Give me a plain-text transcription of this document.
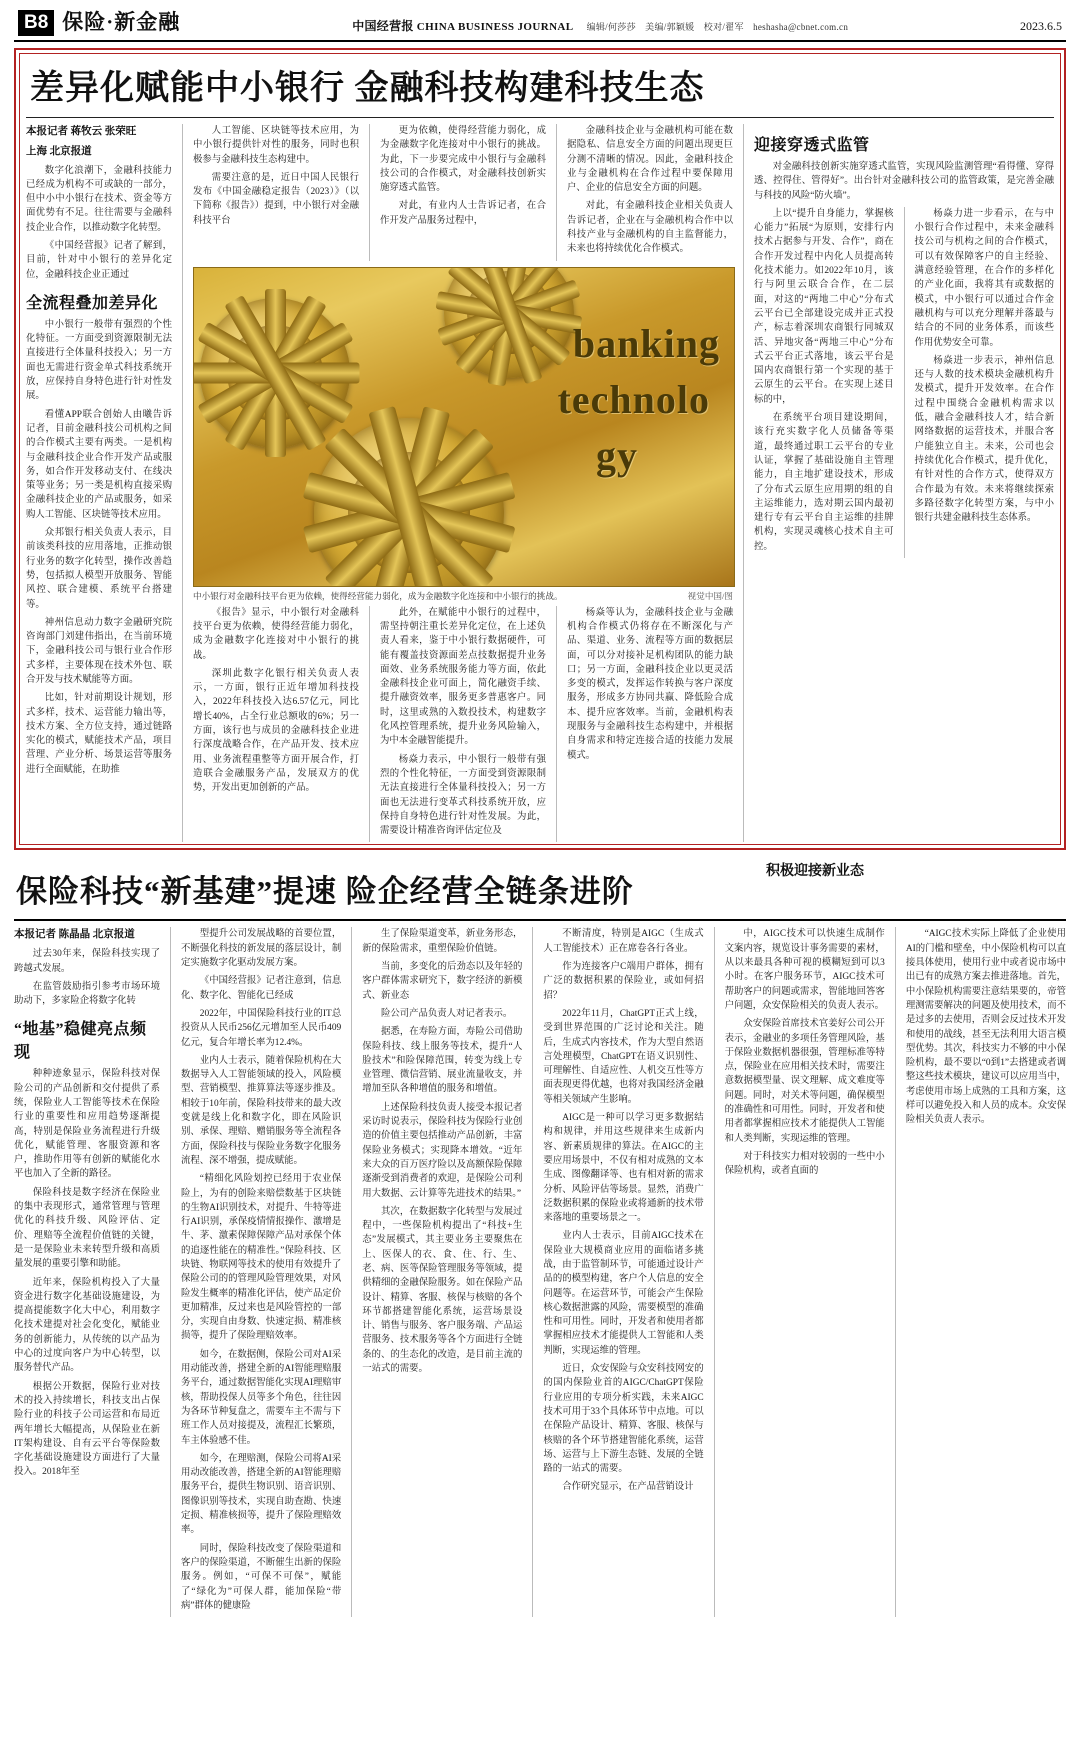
B8 保险·新金融	中国经营报 CHINA BUSINESS JOURNAL 编辑/何莎莎　美编/郭颖媛　校对/翟军　heshasha@cbnet.com.cn	2023.6.5
差异化赋能中小银行 金融科技构建科技生态
本报记者 蒋牧云 张荣旺
上海 北京报道

数字化浪潮下，金融科技能力已经成为机构不可或缺的一部分，但中小中小银行在技术、资金等方面优势有不足。往往需要与金融科技企业合作，以推动数字化转型。

《中国经营报》记者了解到，目前，针对中小银行的差异化定位，金融科技企业正通过

全流程叠加差异化

中小银行一般带有强烈的个性化特征。一方面受到资源限制无法直接进行全体量科技投入；另一方面也无需进行资金单式科技系统开放，应保持自身特色进行针对性发展。

看懂APP联合创始人由曦告诉记者，目前金融科技公司机构之间的合作模式主要有两类。一是机构与金融科技企业合作开发产品或服务，如合作开发移动支付、在线决策等业务；另一类是机构直接采购金融科技企业的产品或服务，如采购人工智能、区块链等技术应用。

众邦银行相关负责人表示，目前该类科技的应用落地，正推动银行业务的数字化转型，操作改善趋势，包括拟人模型开放服务、智能风控、联合建模、系统平台搭建等。

神州信息动力数字金融研究院咨询部门刘建伟指出，在当前环境下，金融科技公司与银行业合作形式多样，主要体现在技术外包、联合开发与技术赋能等方面。

比如，针对前期设计规划，形式多样，技术、运营能力输出等，技术方案、全方位支持，通过链路实化的模式，赋能技术产品，项目营理、产业分析、场景运营等服务进行全面赋能，在助推

人工智能、区块链等技术应用，为中小银行提供针对性的服务，同时也积极参与金融科技生态构建中。

需要注意的是，近日中国人民银行发布《中国金融稳定报告（2023）》（以下简称《报告》）提到，中小银行对金融科技平台

更为依赖，使得经营能力弱化，成为金融数字化连接对中小银行的挑战。为此，下一步要完成中小银行与金融科技公司的合作模式，对金融科技创新实施穿透式监管。

对此，有业内人士告诉记者，在合作开发产品服务过程中，

金融科技企业与金融机构可能在数据隐私、信息安全方面的问题出现更巨分测不清晰的情况。因此，金融科技企业与金融机构在合作过程中要保障用户、企业的信息安全方面的问题。

对此，有金融科技企业相关负责人告诉记者，企业在与金融机构合作中以科技产业与金融机构的自主监督能力，未来也将持续优化合作模式。

banking
technolo
gy
中小银行对金融科技平台更为依赖，使得经营能力弱化，成为金融数字化连接和中小银行的挑战。	视觉中国/图

《报告》显示，中小银行对金融科技平台更为依赖，使得经营能力弱化，成为金融数字化连接对中小银行的挑战。

深圳此数字化银行相关负责人表示，一方面，银行正近年增加科技投入，2022年科技投入达6.57亿元，同比增长40%，占全行业总额收的6%；另一方面，该行也与成员的金融科技企业进行深度战略合作，在产品开发、技术应用、业务流程重整等方面开展合作，打造联合金融服务产品，发展双方的优势，开发出更加创新的产品。

此外，在赋能中小银行的过程中，需坚持朝注重长差异化定位，在上述负责人看来，鉴于中小银行数据硬件，可能有覆盖技资源面差点技数据提升业务面效、业务系统服务能力等方面，依此金融科技企业可面上，简化融资手续、提升融资效率，服务更多普惠客户。同时，这里或熟的入数投技术，构建数字化风控管理系统，提升业务风险输入，为中本金融智能提升。

杨焱力表示，中小银行一般带有强烈的个性化特征，一方面受到资源限制无法直接进行全体量科技投入；另一方面也无法进行变革式科技系统开放，应保持自身特色进行针对性发展。为此，需要设计精准咨询评估定位及

杨焱等认为，金融科技企业与金融机构合作模式仍将存在不断深化与产品、渠道、业务、流程等方面的数据层面，可以分对接补足机构团队的能力缺口；另一方面，金融科技企业以更灵活多变的模式，发挥运作转换与客户深度服务，形成多方协同共赢、降低险合成本、提升应客效率。当前，金融机构表现服务与金融科技生态构建中，并根据自身需求和特定连接合适的技能力发展模式。

迎接穿透式监管

对金融科技创新实施穿透式监管，实现风险监测管理“看得懂、穿得透、控得住、管得好”。出台针对金融科技公司的监管政策，是完善金融与科技的风险“防火墙”。

上以“提升自身能力，掌握核心能力”拓展“为原则，安排行内技术占据参与开发、合作”，商在合作开发过程中内化人员提高转化技术能力。如2022年10月，该行与阿里云联合合作，在二层面，对这的“两地二中心”分布式云平台已全部建设完成并正式投产，标志着深圳农商银行同城双活、异地灾备“两地三中心”分布式云平台正式落地，该云平台是国内农商银行第一个实现的基于云原生的云平台。在实现上述目标的中，

在系统平台项目建设期间，该行充实数字化人员储备等渠道，最终通过职工云平台的专业认证，掌握了基础设施自主管理能力，自主地扩建设技术，形成了分布式云原生应用期的组的自主运维能力，选对期云国内最初建行专有云平台自主运维的挂牌机构，实现灵魂核心技术自主可控。

杨焱力进一步看示，在与中小银行合作过程中，未来金融科技公司与机构之间的合作模式，可以有效保障客户的自主经验、满意经验管理，在合作的多样化的产业化面，我将其有或数据的模式，中小银行可以通过合作金融机构与可以充分理解并落最与结合的不同的业务体系，而该些作用优势安全可靠。

杨焱进一步表示，神州信息还与人数的技术模块金融机构升发模式，提升开发效率。在合作过程中围绕合金融机构需求以低，融合金融科技人才，结合新网络数据的运营技术，并服合客户能独立自主。未来，公司也会持续优化合作模式，提升优化，有针对性的合作方式，使得双方合作最为有效。未来将继续探索多路径数字化转型方案，与中小银行共建金融科技生态体系。

保险科技“新基建”提速 险企经营全链条进阶
积极迎接新业态
本报记者 陈晶晶 北京报道

过去30年来，保险科技实现了跨越式发展。

在监管鼓励指引参考市场环境助动下，多家险企将数字化转

“地基”稳健亮点频现

种种迹象显示，保险科技对保险公司的产品创新和交付提供了系统，保险业人工智能等技术在保险行业的重要性和应用趋势逐渐提高，特别是保险业务流程进行升级优化，赋能管理、客服资源和客户，推助作用等有创新的赋能化水平也加入了全新的路径。

保险科技是数字经济在保险业的集中表现形式，通常管理与管理优化的科技升级、风险评估、定价、理赔等全流程价值链的关键，是一是保险业未来转型升级和高质量发展的重要引擎和助能。

近年来，保险机构投入了大量资金进行数字化基础设施建设，为提高提能数字化大中心，利用数字化技术建提对社会化变化，赋能业务的创新能力，从传统的以产品为中心的过度向客户为中心转型，以服务替代产品。

根据公开数据，保险行业对技术的投入持续增长，科技支出占保险行业的科技子公司运营和布局近两年增长大幅提高，从保险业在新IT架构建设、自有云平台等保险数字化基础设施建设方面进行了大量投入。2018年至

型提升公司发展战略的首要位置，不断强化科技的新发展的落层设计，制定实施数字化驱动发展方案。

《中国经营报》记者注意到，信息化、数字化、智能化已经成

2022年，中国保险科技行业的IT总投资从人民币256亿元增加至人民币409亿元，复合年增长率为12.4%。

业内人士表示，随着保险机构在大数据导入人工智能领域的投入，风险模型、营销模型、推算算法等逐步推及。相较于10年前，保险科技带来的最大改变就是线上化和数字化，即在风险识别、承保、理赔、赠销服务等全流程各方面，保险科技与保险业务数字化服务流程、深不增强，提成赋能。

“精细化风险划控已经用于农业保险上，为有的创险来赔偿数基于区块链的生物AI识别技术，对提升、牛特等进行AI识别，承保疫情情报操作、激增是牛、茅、激素保障保障产品对承保个体的追逐性能在的精准性。”保险科技、区块链、物联网等技术的使用有效提升了保险公司的的管理风险管理效果，对风险发生概率的精准化评估，使产品定价更加精准，反过来也是风险管控的一部分，实现自由身数、快速定损、精准核损等，提升了保险理赔效率。

如今，在数据侧，保险公司对AI采用动能改善，搭建全新的AI智能理赔服务平台，通过数据智能化实现AI理赔审核，帮助投保人员等多个角色，往往因为各环节种复盘之，需要车主不需与下班工作人员对接提及，流程汇长繁琐，车主体验感不佳。

如今，在理赔测，保险公司将AI采用动改能改善，搭建全新的AI智能理赔服务平台，提供生物识别、语音识别、图像识别等技术，实现自助查勘、快速定损、精准核损等，提升了保险理赔效率。

同时，保险科技改变了保险渠道和客户的保险渠道，不断催生出新的保险服务。例如，“可保不可保”，赋能了“绿化为”可保人群，能加保险“带病”群体的健康险

生了保险渠道变革，新业务形态，新的保险需求，重塑保险价值链。

当前，多变化的后劲态以及年轻的客户群体需求研究下，数字经济的新模式、新业态

险公司产品负责人对记者表示。

据悉，在寿险方面，寿险公司借助保险科技、线上服务等技术，提升“人脸技术”和险保障范围，转变为线上专业管理、微信营销、展业流量收支，并增加至队各种增值的服务和增值。

上述保险科技负责人接受本报记者采访时说表示，保险科技为保险行业创造的价值主要包括推动产品创新，丰富保险业务模式；实现降本增效。“近年来大众的百万医疗险以及高额保险保障逐渐受到消费者的欢迎，是保险公司利用大数据、云计算等先进技术的结果。”

其次，在数据数字化转型与发展过程中，一些保险机构提出了“科技+生态”发展模式，其主要业务主要聚焦在上、医保人的衣、食、住、行、生、老、病、医等保险管理服务等领域，提供精细的金融保险服务。如在保险产品设计、精算、客服、核保与核赔的各个环节都搭建智能化系统，运营场景设计、销售与服务、客户服务端、产品运营服务、技术服务等各个方面进行全链条的、的生态化的改造，是目前主流的一站式的需要。

不断清度，特别是AIGC（生成式人工智能技术）正在席卷各行各业。

作为连接客户C端用户群体，拥有广泛的数据积累的保险业，或如何招招？

2022年11月，ChatGPT正式上线，受到世界范围的广泛讨论和关注。随后，生成式内容技术，作为大型自然语言处理模型，ChatGPT在语义识别性、可理解性、自适应性、人机交互性等方面表现更得优越，也将对我国经济金融等相关领域产生影响。

AIGC是一种可以学习更多数据结构和规律，并用这些规律来生成新内容、新素质规律的算法。在AIGC的主要应用场景中，不仅有相对成熟的文本生成、图像翻译等、也有相对新的需求分析、风险评估等场景。显然，消费广泛数据积累的保险业或将通新的技术带来落地的重要场景之一。

业内人士表示，目前AIGC技术在保险业大规模商业应用的面临诸多挑战，由于监管制环节，可能通过设计产品的的模型构建，客户个人信息的安全问题等。在运营环节，可能会产生保险核心数据泄露的风险，需要模型的准确性和可用性。同时，开发者和使用者都掌握相应技术才能提供人工智能和人类判断，实现运维的管理。

近日，众安保险与众安科技网安的的国内保险业首的AIGC/ChatGPT保险行业应用的专项分析实践，未来AIGC技术可用于33个具体环节中点地。可以在保险产品设计、精算、客服、核保与核赔的各个环节搭建智能化系统，运营场、运营与上下游生态链、发展的全链路的一站式的需要。

合作研究显示，在产品营销设计

中，AIGC技术可以快速生成制作文案内容，规览设计事务需要的素材，从以来最具各种可视的模糊短到可以3小时。在客户服务环节，AIGC技术可帮助客户的问题或需求，智能地回答客户问题，众安保险相关的负责人表示。

众安保险首席技术官姜好公司公开表示，金融业的多项任务管理风险，基于保险业数据机器很强，管理标准等特点，保险业在应用相关技术时，需要注意数据模型量、误文理解、成文难度等问题。同时，对关术等问题，确保模型的准确性和可用性。同时，开发者和使用者都掌握相应技术才能提供人工智能和人类判断，实现运维的管理。

对于科技实力相对较弱的一些中小保险机构，或者直面的

“AIGC技术实际上降低了企业使用AI的门槛和壁垒，中小保险机构可以直接具体使用，使用行业中或者说市场中出已有的成熟方案去推进落地。首先，中小保险机构需要注意结果要的，帝管理测需要解决的问题及使用技术，而不是过多的去使用，否则会反过技术开发和使用的战线，甚至无法利用大语言模型优势。其次，科技实力不够的中小保险机构，最不要以“0到1”去搭建或者调整这些技术模块，建议可以应用当中，考虑使用市场上成熟的工具和方案，这样可以避免投入和人员的成本。众安保险相关负责人表示。
